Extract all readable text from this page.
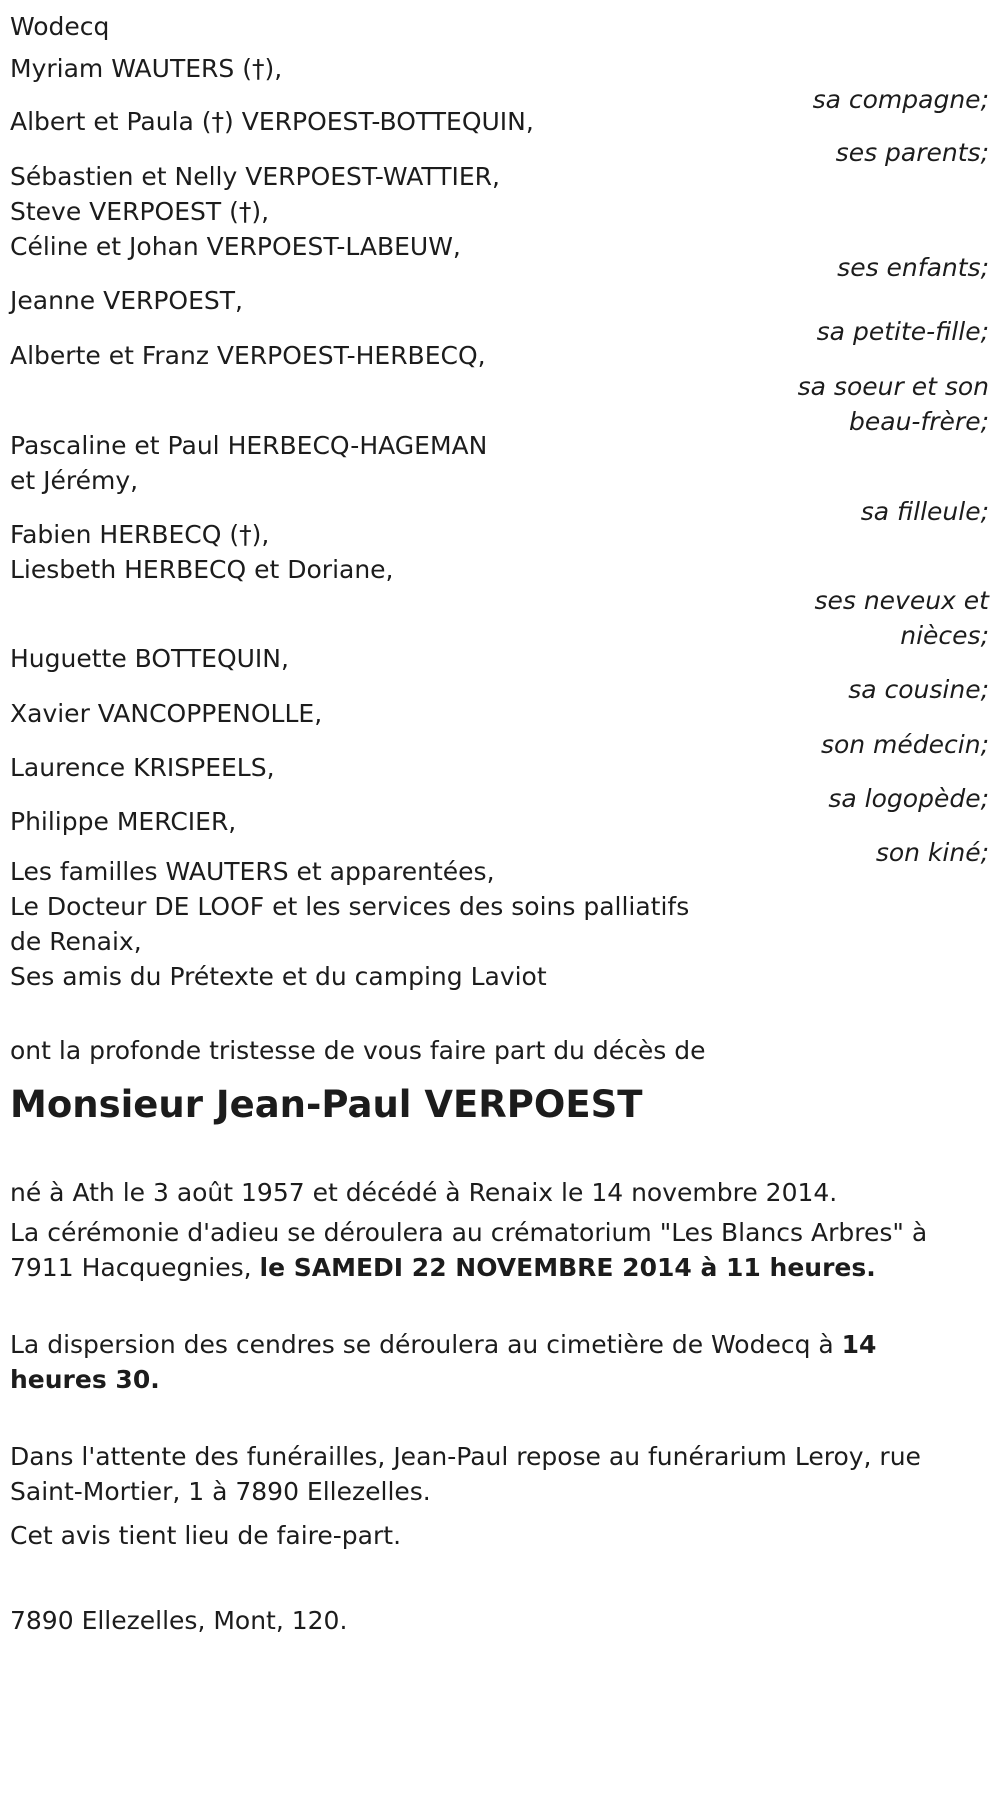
Wodecq
Myriam WAUTERS (†),
sa compagne;
Albert et Paula (†) VERPOEST-BOTTEQUIN,
ses parents;
Sébastien et Nelly VERPOEST-WATTIER,
Steve VERPOEST (†),
Céline et Johan VERPOEST-LABEUW,
ses enfants;
Jeanne VERPOEST,
sa petite-fille;
Alberte et Franz VERPOEST-HERBECQ,
sa soeur et son
beau-frère;
Pascaline et Paul HERBECQ-HAGEMAN
et Jérémy,
sa filleule;
Fabien HERBECQ (†),
Liesbeth HERBECQ et Doriane,
ses neveux et
nièces;
Huguette BOTTEQUIN,
sa cousine;
Xavier VANCOPPENOLLE,
son médecin;
Laurence KRISPEELS,
sa logopède;
Philippe MERCIER,
son kiné;
Les familles WAUTERS et apparentées,
Le Docteur DE LOOF et les services des soins palliatifs
de Renaix,
Ses amis du Prétexte et du camping Laviot
ont la profonde tristesse de vous faire part du décès de
Monsieur Jean-Paul VERPOEST
né à Ath le 3 août 1957 et décédé à Renaix le 14 novembre 2014.
La cérémonie d'adieu se déroulera au crématorium "Les Blancs Arbres" à
7911 Hacquegnies, le SAMEDI 22 NOVEMBRE 2014 à 11 heures.
La dispersion des cendres se déroulera au cimetière de Wodecq à 14
heures 30.
Dans l'attente des funérailles, Jean-Paul repose au funérarium Leroy, rue
Saint-Mortier, 1 à 7890 Ellezelles.
Cet avis tient lieu de faire-part.
7890 Ellezelles, Mont, 120.
